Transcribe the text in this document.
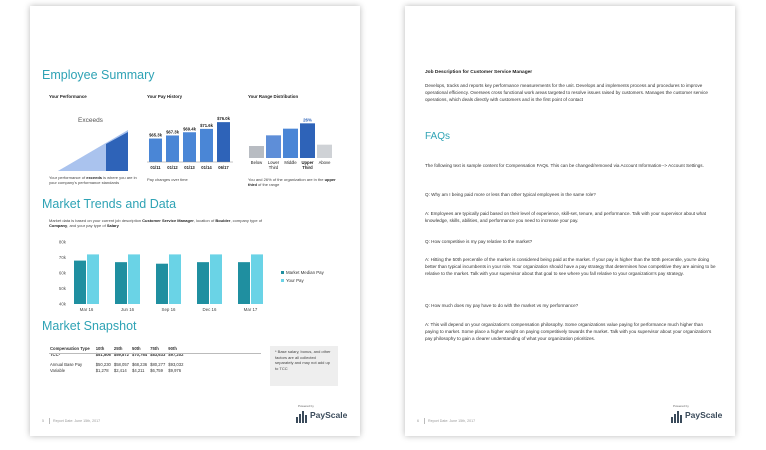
Employee Summary
Your Performance
Exceeds
Your performance of exceeds is where you are in your company's performance standards
Your Pay History
$65.3k
01/11
$67.3k
01/12
$69.4k
01/13
$71.6k
01/14
$76.0k
06/17
Pay changes over time
Your Range Distribution
Below Lower
Third
Middle Upper
Third
26%
Above
You and 26% of the organization are in the upper third of the range
Market Trends and Data
Market data is based on your current job description Customer Service Manager, location of Boulder, company type of Company, and your pay type of Salary
40k
50k
60k
70k
80k
Mar 16	Jun 16	Sep 16	Dec 16	Mar 17
Market Median Pay
Your Pay
Market Snapshot
Compensation Type	10th	25th	50th	75th	90th
TCC*	$51,506	$59,872	$70,764	$83,633	$97,202
Annual Base Pay	$50,230	$58,057	$68,236	$80,277	$93,032
Variable	$1,278	$2,414	$4,211	$6,759	$9,976
* Base salary, bonus, and other factors are all collected separately and may not add up to TCC
5	Report Date: June 15th, 2017
Powered by
PayScale
Job Description for Customer Service Manager
Develops, tracks and reports key performance measurements for the unit. Develops and implements process and procedures to improve operational efficiency. Oversees cross functional work areas targeted to resolve issues raised by customers. Manages the customer service operations, which deals directly with customers and is the first point of contact
FAQs
The following text is sample content for Compensation FAQs. This can be changed/removed via Account Information--> Account Settings.
Q: Why am I being paid more or less than other typical employees in the same role?
A: Employees are typically paid based on their level of experience, skill-set, tenure, and performance. Talk with your supervisor about what knowledge, skills, abilities, and performance you need to increase your pay.
Q: How competitive is my pay relative to the market?
A: Hitting the 50th percentile of the market is considered being paid at the market. If your pay is higher than the 50th percentile, you're doing better than typical incumbents in your role. Your organization should have a pay strategy that determines how competitive they are aiming to be relative to the market. Talk with your supervisor about that goal to see where you fall relative to your organization's pay strategy.
Q: How much does my pay have to do with the market vs my performance?
A: This will depend on your organization's compensation philosophy. Some organizations value paying for performance much higher than paying to market. Some place a higher weight on paying competitively towards the market. Talk with you supervisor about your organization's pay philosophy to gain a clearer understanding of what your organization prioritizes.
6	Report Date: June 15th, 2017
Powered by
PayScale
